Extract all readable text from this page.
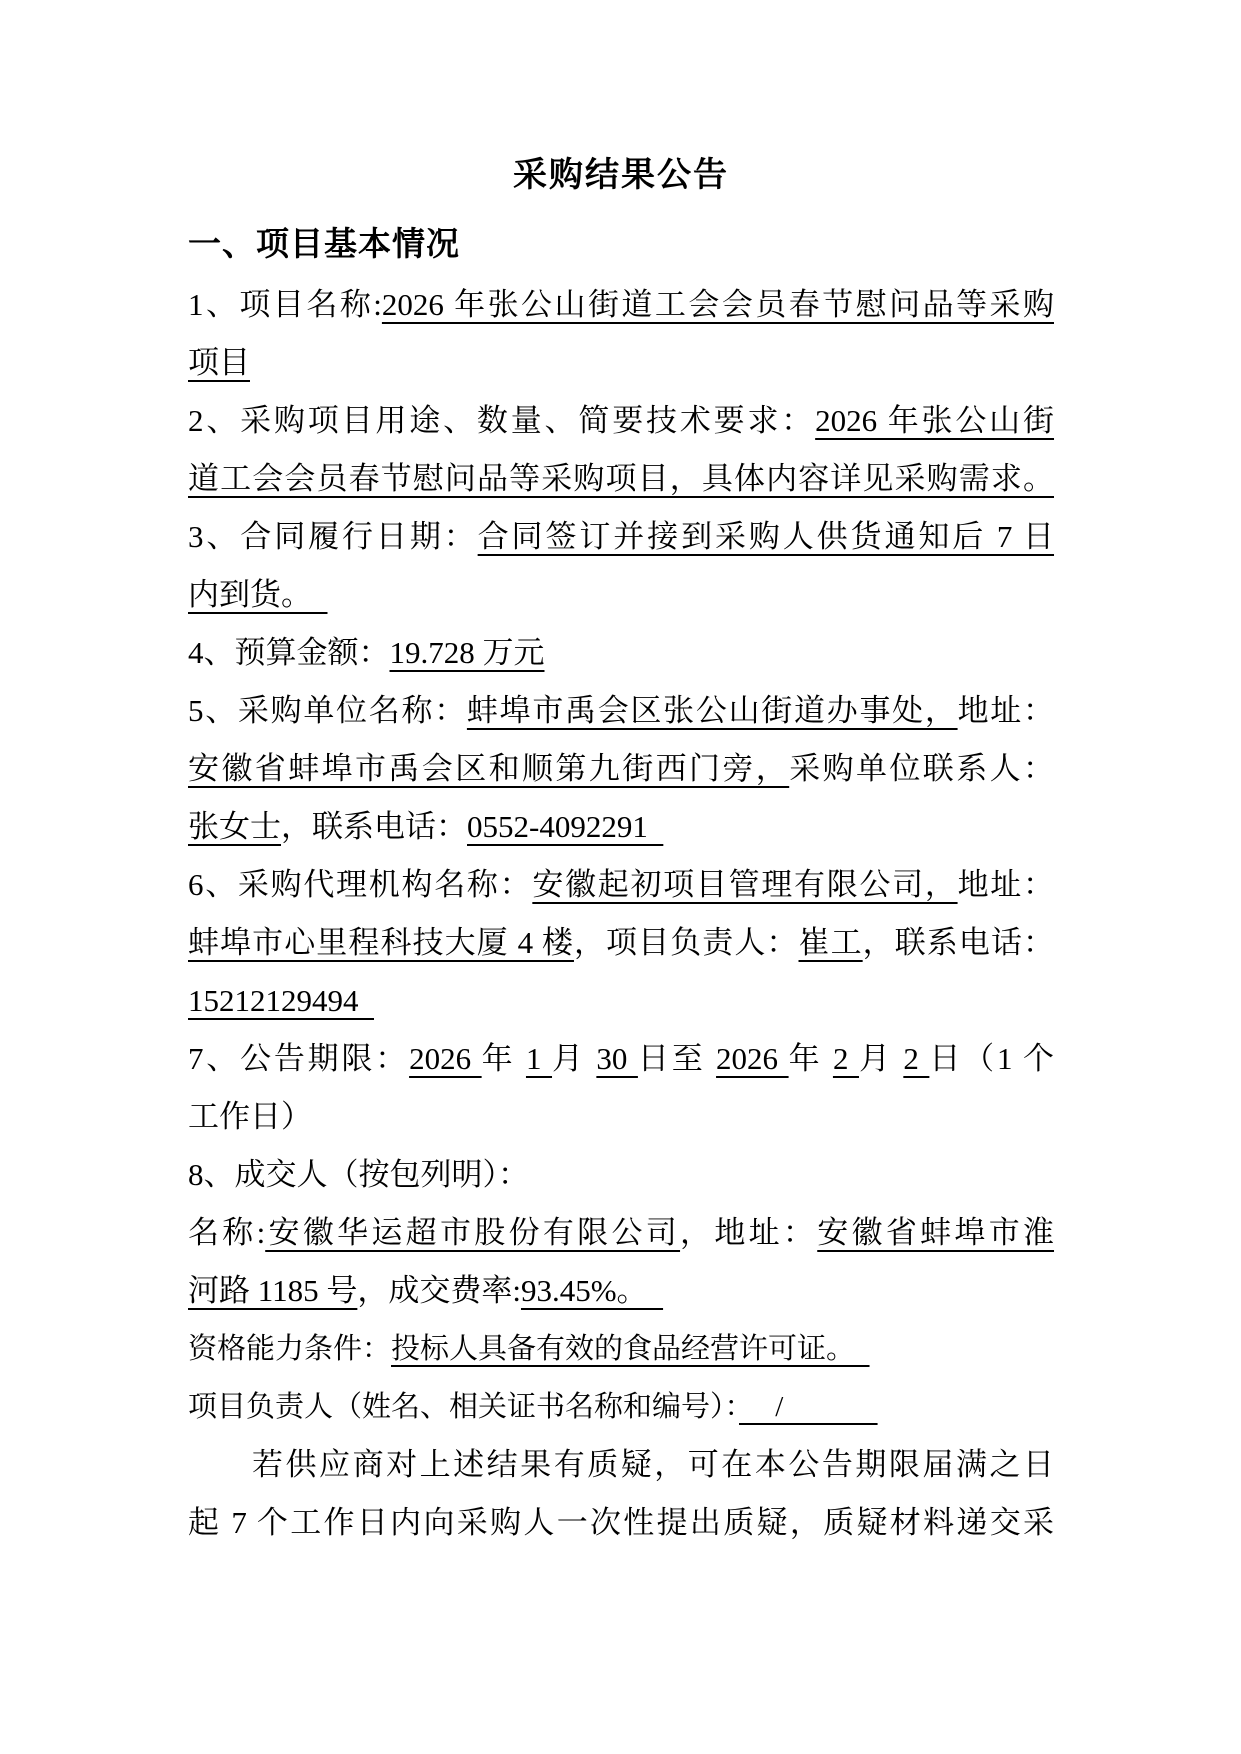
采购结果公告
一、项目基本情况
1、项目名称:2026 年张公山街道工会会员春节慰问品等采购
项目
2、采购项目用途、数量、简要技术要求：2026 年张公山街
道工会会员春节慰问品等采购项目，具体内容详见采购需求。
3、合同履行日期：合同签订并接到采购人供货通知后 7 日
内到货。　
4、预算金额：19.728 万元
5、采购单位名称：蚌埠市禹会区张公山街道办事处，地址：
安徽省蚌埠市禹会区和顺第九街西门旁，采购单位联系人：
张女士，联系电话：0552-4092291
6、采购代理机构名称：安徽起初项目管理有限公司，地址：
蚌埠市心里程科技大厦 4 楼，项目负责人：崔工，联系电话：
15212129494
7、公告期限：2026 年 1 月 30 日至 2026 年 2 月 2 日（1 个
工作日）
8、成交人（按包列明）：
名称:安徽华运超市股份有限公司，地址：安徽省蚌埠市淮
河路 1185 号，成交费率:93.45%。　
资格能力条件：投标人具备有效的食品经营许可证。　
项目负责人（姓名、相关证书名称和编号）：　 /　　　
若供应商对上述结果有质疑，可在本公告期限届满之日
起 7 个工作日内向采购人一次性提出质疑，质疑材料递交采
